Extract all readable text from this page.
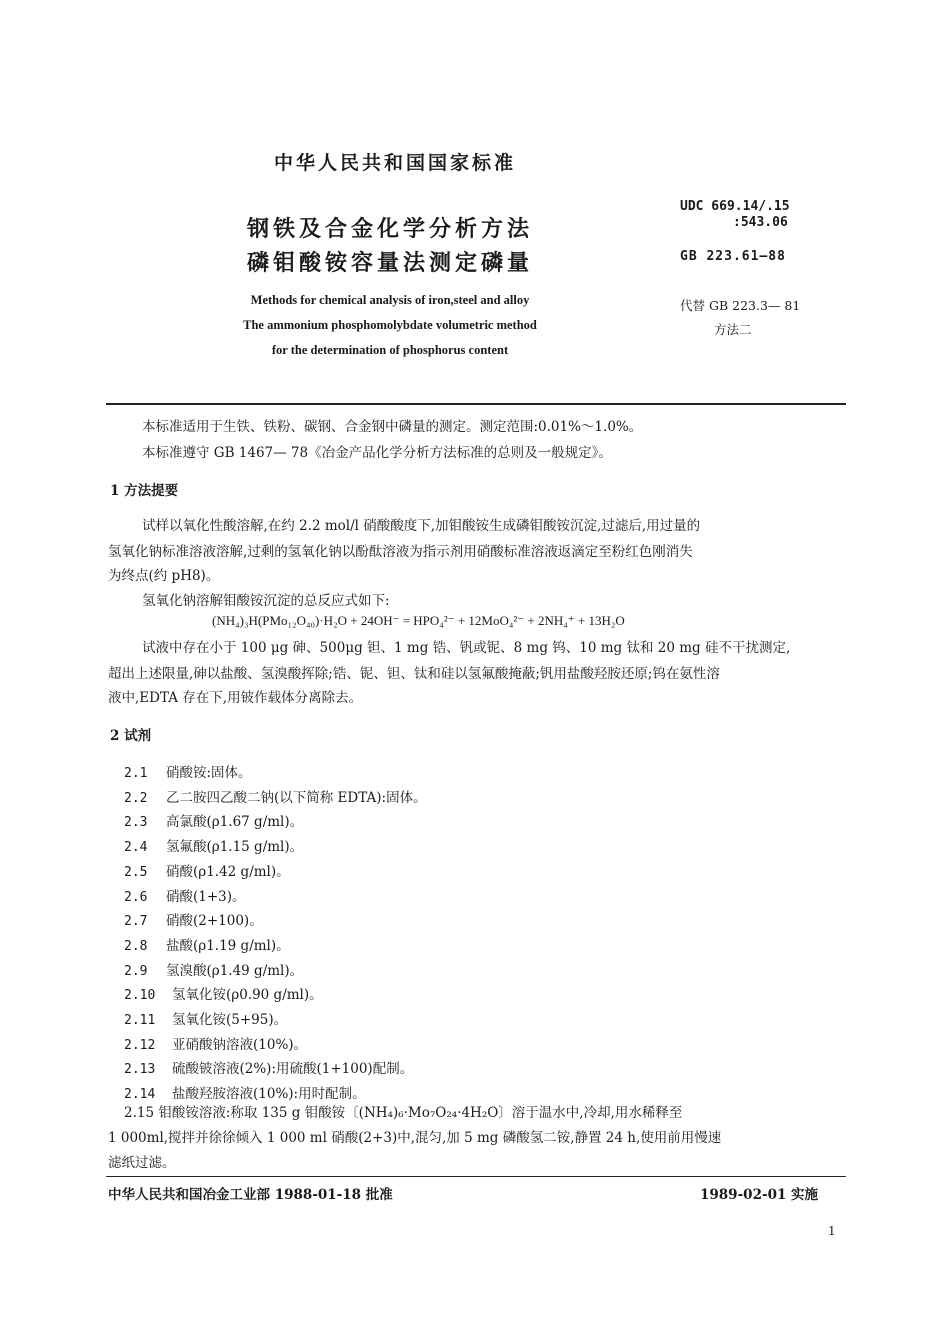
中华人民共和国国家标准
钢铁及合金化学分析方法
磷钼酸铵容量法测定磷量
Methods for chemical analysis of iron,steel and alloy
The ammonium phosphomolybdate volumetric method
for the determination of phosphorus content
UDC 669.14/.15
:543.06
GB 223.61—88
代替 GB 223.3— 81
方法二
本标准适用于生铁、铁粉、碳钢、合金钢中磷量的测定。测定范围:0.01%～1.0%。
本标准遵守 GB 1467— 78《冶金产品化学分析方法标准的总则及一般规定》。
1 方法提要
试样以氧化性酸溶解,在约 2.2 mol/l 硝酸酸度下,加钼酸铵生成磷钼酸铵沉淀,过滤后,用过量的
氢氧化钠标准溶液溶解,过剩的氢氧化钠以酚酞溶液为指示剂用硝酸标准溶液返滴定至粉红色刚消失
为终点(约 pH8)。
氢氧化钠溶解钼酸铵沉淀的总反应式如下:
(NH₄)₃H(PMo₁₂O₄₀)·H₂O + 24OH⁻ = HPO₄²⁻ + 12MoO₄²⁻ + 2NH₄⁺ + 13H₂O
试液中存在小于 100 μg 砷、500μg 钽、1 mg 锆、钒或铌、8 mg 钨、10 mg 钛和 20 mg 硅不干扰测定,
超出上述限量,砷以盐酸、氢溴酸挥除;锆、铌、钽、钛和硅以氢氟酸掩蔽;钒用盐酸羟胺还原;钨在氨性溶
液中,EDTA 存在下,用铍作载体分离除去。
2 试剂
2.1 硝酸铵:固体。
2.2 乙二胺四乙酸二钠(以下简称 EDTA):固体。
2.3 高氯酸(ρ1.67 g/ml)。
2.4 氢氟酸(ρ1.15 g/ml)。
2.5 硝酸(ρ1.42 g/ml)。
2.6 硝酸(1+3)。
2.7 硝酸(2+100)。
2.8 盐酸(ρ1.19 g/ml)。
2.9 氢溴酸(ρ1.49 g/ml)。
2.10 氢氧化铵(ρ0.90 g/ml)。
2.11 氢氧化铵(5+95)。
2.12 亚硝酸钠溶液(10%)。
2.13 硫酸铍溶液(2%):用硫酸(1+100)配制。
2.14 盐酸羟胺溶液(10%):用时配制。
2.15 钼酸铵溶液:称取 135 g 钼酸铵〔(NH₄)₆·Mo₇O₂₄·4H₂O〕溶于温水中,冷却,用水稀释至
1 000ml,搅拌并徐徐倾入 1 000 ml 硝酸(2+3)中,混匀,加 5 mg 磷酸氢二铵,静置 24 h,使用前用慢速
滤纸过滤。
中华人民共和国冶金工业部 1988-01-18 批准	1989-02-01 实施
1
